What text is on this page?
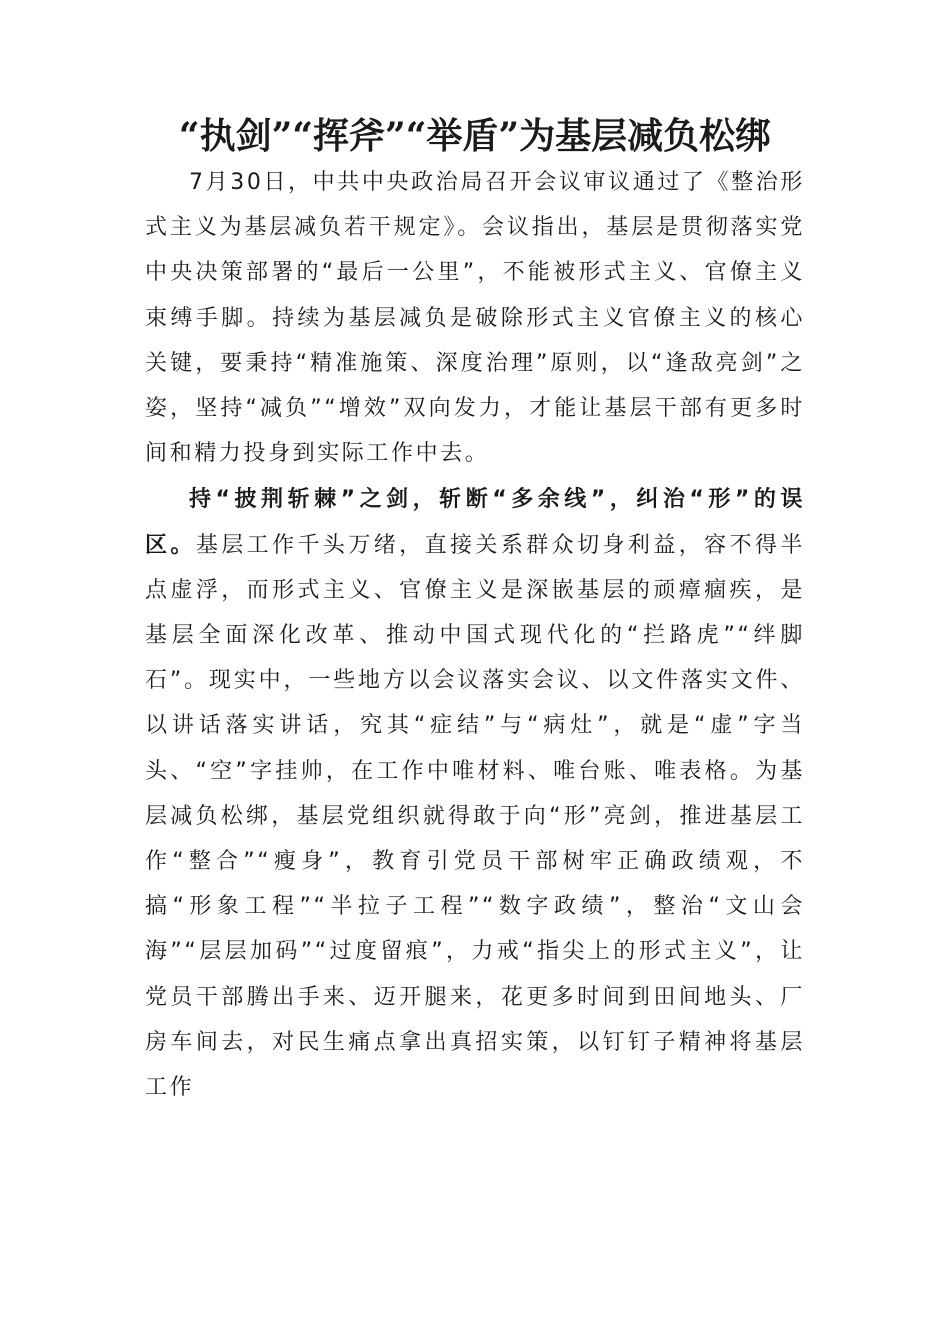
“执剑”“挥斧”“举盾”为基层减负松绑

7月30日，中共中央政治局召开会议审议通过了《整治形式主义为基层减负若干规定》。会议指出，基层是贯彻落实党中央决策部署的“最后一公里”，不能被形式主义、官僚主义束缚手脚。持续为基层减负是破除形式主义官僚主义的核心关键，要秉持“精准施策、深度治理”原则，以“逢敌亮剑”之姿，坚持“减负”“增效”双向发力，才能让基层干部有更多时间和精力投身到实际工作中去。

持“披荆斩棘”之剑，斩断“多余线”，纠治“形”的误区。基层工作千头万绪，直接关系群众切身利益，容不得半点虚浮，而形式主义、官僚主义是深嵌基层的顽瘴痼疾，是基层全面深化改革、推动中国式现代化的“拦路虎”“绊脚石”。现实中，一些地方以会议落实会议、以文件落实文件、以讲话落实讲话，究其“症结”与“病灶”，就是“虚”字当头、“空”字挂帅，在工作中唯材料、唯台账、唯表格。为基层减负松绑，基层党组织就得敢于向“形”亮剑，推进基层工作“整合”“瘦身”，教育引党员干部树牢正确政绩观，不搞“形象工程”“半拉子工程”“数字政绩”，整治“文山会海”“层层加码”“过度留痕”，力戒“指尖上的形式主义”，让党员干部腾出手来、迈开腿来，花更多时间到田间地头、厂房车间去，对民生痛点拿出真招实策，以钉钉子精神将基层工作
